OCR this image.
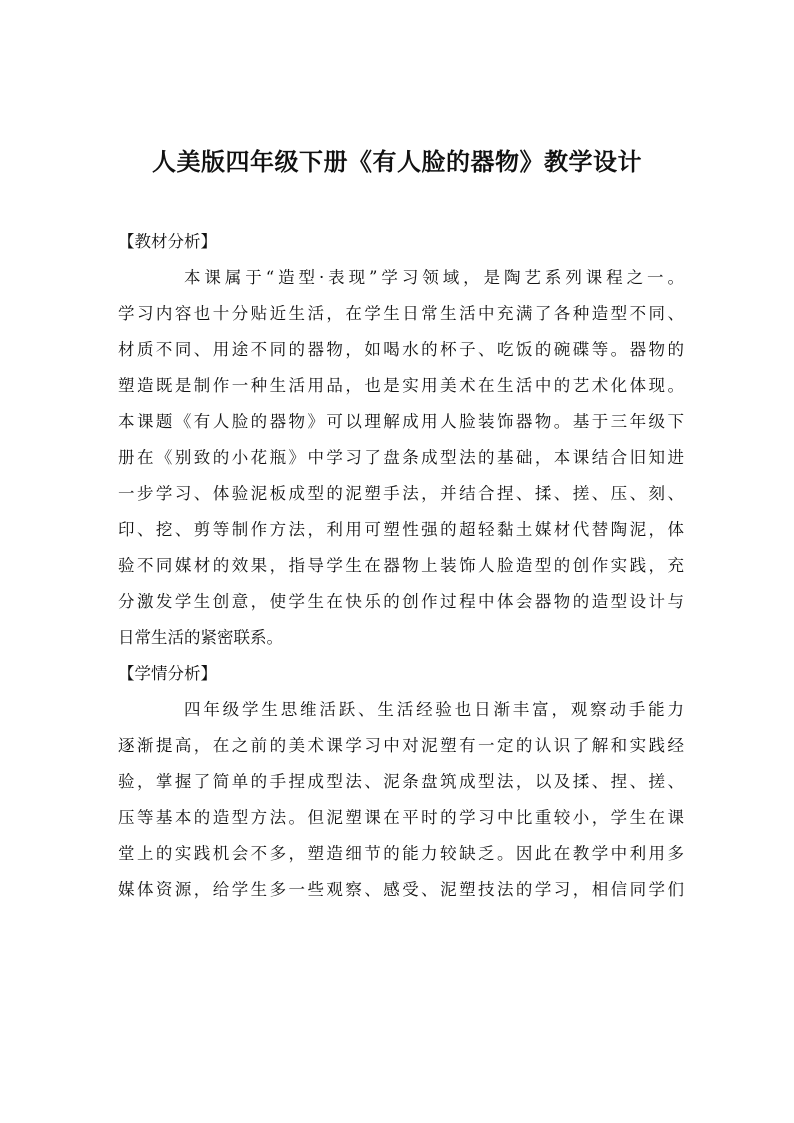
人美版四年级下册《有人脸的器物》教学设计
【教材分析】
本课属于“造型·表现”学习领域，是陶艺系列课程之一。
学习内容也十分贴近生活，在学生日常生活中充满了各种造型不同、
材质不同、用途不同的器物，如喝水的杯子、吃饭的碗碟等。器物的
塑造既是制作一种生活用品，也是实用美术在生活中的艺术化体现。
本课题《有人脸的器物》可以理解成用人脸装饰器物。基于三年级下
册在《别致的小花瓶》中学习了盘条成型法的基础，本课结合旧知进
一步学习、体验泥板成型的泥塑手法，并结合捏、揉、搓、压、刻、
印、挖、剪等制作方法，利用可塑性强的超轻黏土媒材代替陶泥，体
验不同媒材的效果，指导学生在器物上装饰人脸造型的创作实践，充
分激发学生创意，使学生在快乐的创作过程中体会器物的造型设计与
日常生活的紧密联系。
【学情分析】
四年级学生思维活跃、生活经验也日渐丰富，观察动手能力
逐渐提高，在之前的美术课学习中对泥塑有一定的认识了解和实践经
验，掌握了简单的手捏成型法、泥条盘筑成型法，以及揉、捏、搓、
压等基本的造型方法。但泥塑课在平时的学习中比重较小，学生在课
堂上的实践机会不多，塑造细节的能力较缺乏。因此在教学中利用多
媒体资源，给学生多一些观察、感受、泥塑技法的学习，相信同学们
